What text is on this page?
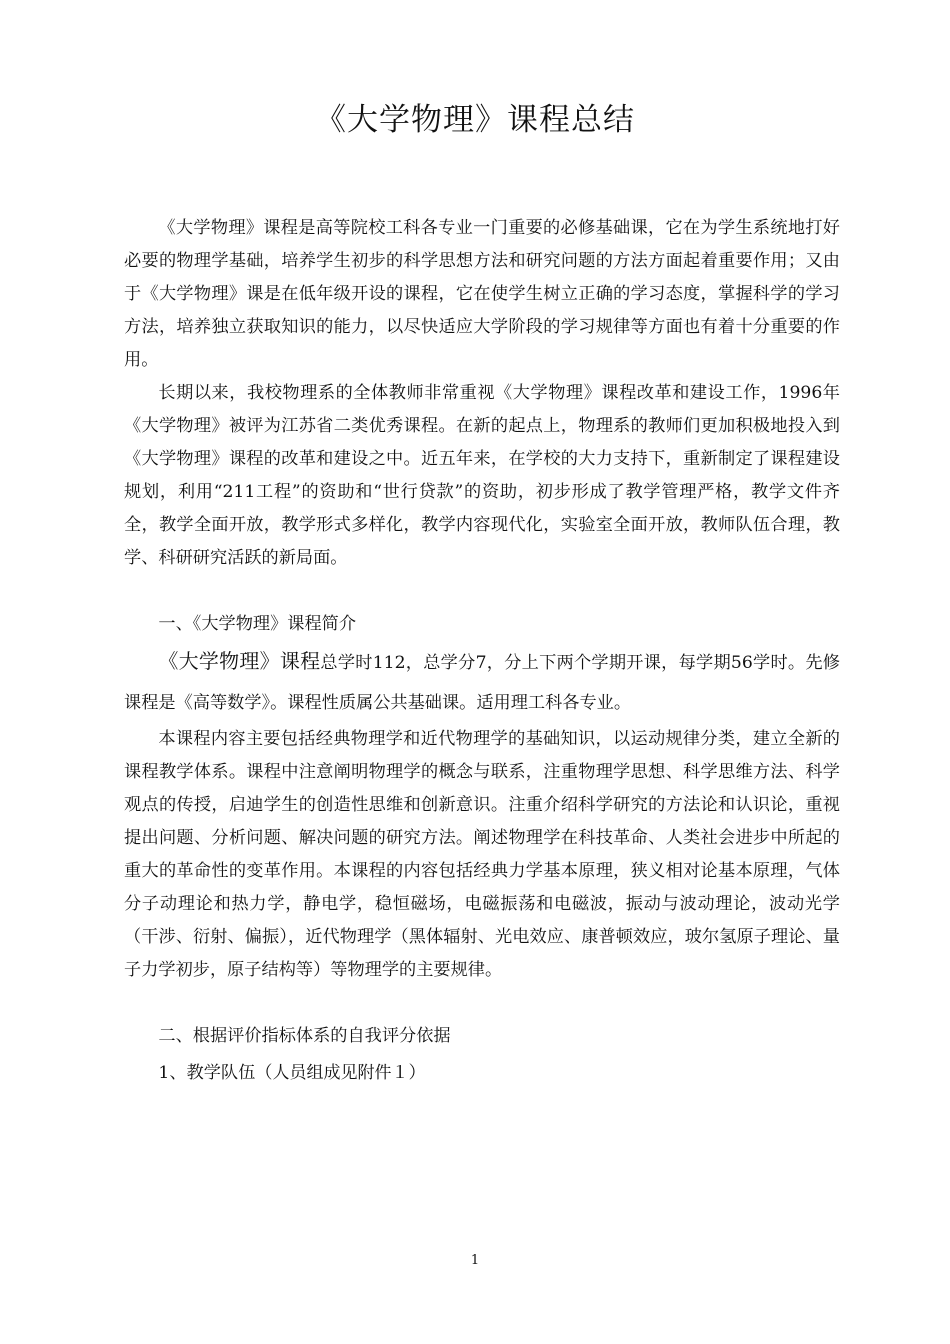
《大学物理》课程总结

《大学物理》课程是高等院校工科各专业一门重要的必修基础课，它在为学生系统地打好必要的物理学基础，培养学生初步的科学思想方法和研究问题的方法方面起着重要作用；又由于《大学物理》课是在低年级开设的课程，它在使学生树立正确的学习态度，掌握科学的学习方法，培养独立获取知识的能力，以尽快适应大学阶段的学习规律等方面也有着十分重要的作用。

长期以来，我校物理系的全体教师非常重视《大学物理》课程改革和建设工作，1996年《大学物理》被评为江苏省二类优秀课程。在新的起点上，物理系的教师们更加积极地投入到《大学物理》课程的改革和建设之中。近五年来，在学校的大力支持下，重新制定了课程建设规划，利用“211工程”的资助和“世行贷款”的资助，初步形成了教学管理严格，教学文件齐全，教学全面开放，教学形式多样化，教学内容现代化，实验室全面开放，教师队伍合理，教学、科研研究活跃的新局面。

一、《大学物理》课程简介

《大学物理》课程总学时112，总学分7，分上下两个学期开课，每学期56学时。先修课程是《高等数学》。课程性质属公共基础课。适用理工科各专业。

本课程内容主要包括经典物理学和近代物理学的基础知识，以运动规律分类，建立全新的课程教学体系。课程中注意阐明物理学的概念与联系，注重物理学思想、科学思维方法、科学观点的传授，启迪学生的创造性思维和创新意识。注重介绍科学研究的方法论和认识论，重视提出问题、分析问题、解决问题的研究方法。阐述物理学在科技革命、人类社会进步中所起的重大的革命性的变革作用。本课程的内容包括经典力学基本原理，狭义相对论基本原理，气体分子动理论和热力学，静电学，稳恒磁场，电磁振荡和电磁波，振动与波动理论，波动光学（干涉、衍射、偏振），近代物理学（黑体辐射、光电效应、康普顿效应，玻尔氢原子理论、量子力学初步，原子结构等）等物理学的主要规律。

二、根据评价指标体系的自我评分依据
1、教学队伍（人员组成见附件１）
1
